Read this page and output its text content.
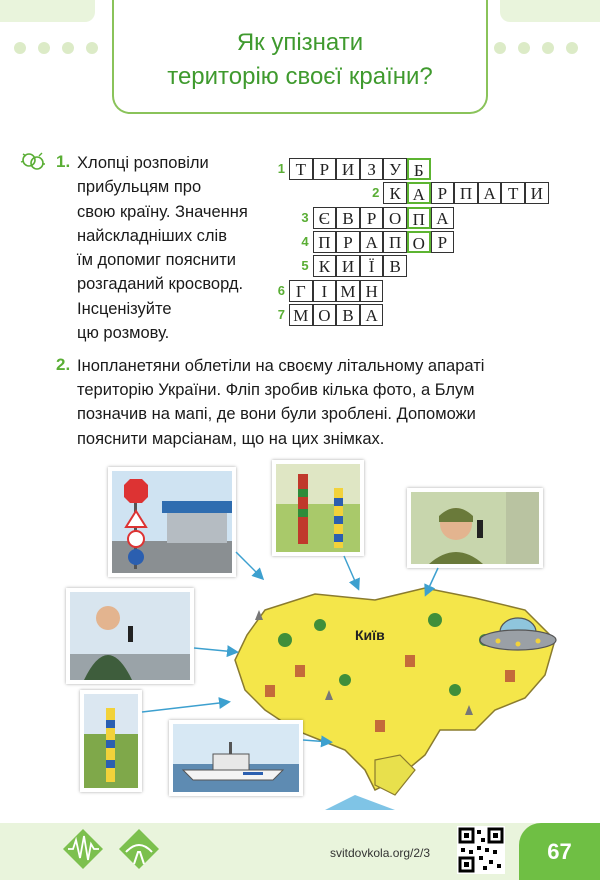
Як упізнати
територію своєї країни?
1. Хлопці розповіли
прибульцям про
свою країну. Значення
найскладніших слів
їм допомиг пояснити
розгаданий кросворд.
Інсценізуйте
цю розмову.
1 Т Р И З У Б
2 К А Р П А Т И
3 Є В Р О П А
4 П Р А П О Р
5 К И Ї В
6 Г І М Н
7 М О В А
2. Інопланетяни облетіли на своєму літальному апараті
територію України. Фліп зробив кілька фото, а Блум
позначив на мапі, де вони були зроблені. Допоможи
пояснити марсіанам, що на цих знімках.
Київ
svitdovkola.org/2/3	67
